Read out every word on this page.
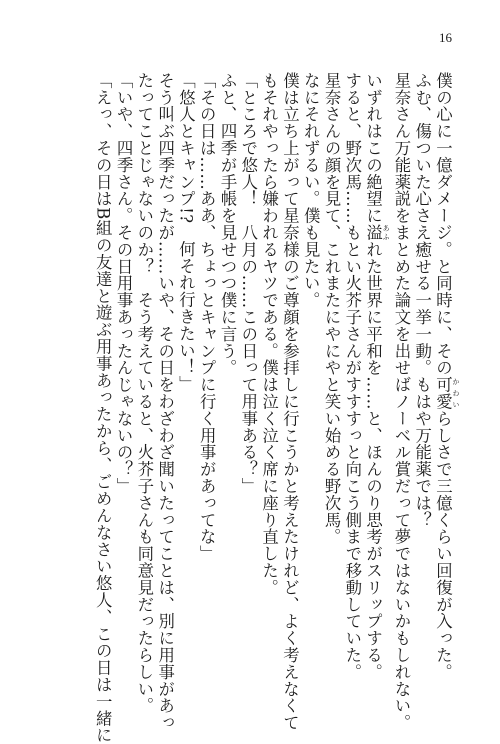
16
僕の心に一億ダメージ。と同時に、その可愛 かわいらしさで三億くらい回復が入った。
ふむ、傷ついた心さえ癒せる一挙一動。もはや万能薬では？
星奈さん万能薬説をまとめた論文を出せばノーベル賞だって夢ではないかもしれない。
いずれはこの絶望に溢 あふれた世界に平和を……と、ほんのり思考がスリップする。
すると、野次馬……もとい火芥子さんがすすすっと向こう側まで移動していた。
星奈さんの顔を見て、これまたにやにやと笑い始める野次馬。
なにそれずるい。僕も見たい。
僕は立ち上がって星奈様のご尊顔を参拝しに行こうかと考えたけれど、よく考えなくて
もそれやったら嫌われるヤツである。僕は泣く泣く席に座り直した。
「ところで悠人！　八月の……この日って用事ある？」
ふと、四季が手帳を見せつつ僕に言う。
「その日は……ああ、ちょっとキャンプに行く用事があってな」
「悠人とキャンプ!?　何それ行きたい！」
そう叫ぶ四季だったが……いや、その日をわざわざ聞いたってことは、別に用事があっ
たってことじゃないのか？　そう考えていると、火芥子さんも同意見だったらしい。
「いや、四季さん。その日用事あったんじゃないの？」
「えっ、その日はB組の友達と遊ぶ用事あったから、ごめんなさい悠人、この日は一緒に
